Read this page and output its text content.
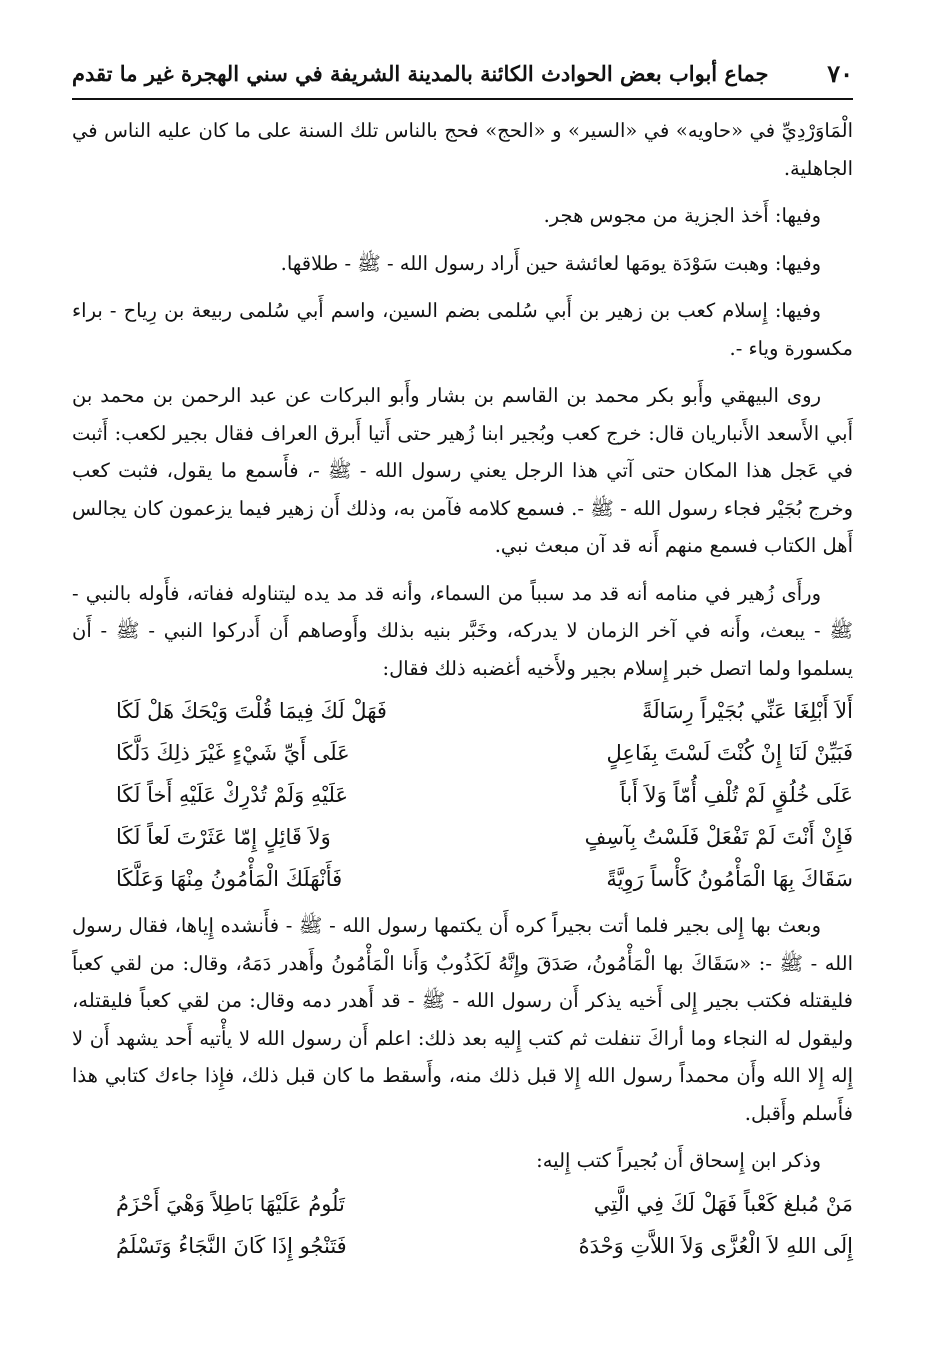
٧٠
جماع أبواب بعض الحوادث الكائنة بالمدينة الشريفة في سني الهجرة غير ما تقدم

الْمَاوَرْدِيِّ في «حاويه» في «السير» و «الحج» فحج بالناس تلك السنة على ما كان عليه الناس في الجاهلية.

وفيها: أَخذ الجزية من مجوس هجر.

وفيها: وهبت سَوْدَة يومَها لعائشة حين أَراد رسول الله - ﷺ - طلاقها.

وفيها: إِسلام كعب بن زهير بن أَبي سُلمى بضم السين، واسم أَبي سُلمى ربيعة بن رِياح - براء مكسورة وياء -.

روى البيهقي وأَبو بكر محمد بن القاسم بن بشار وأَبو البركات عن عبد الرحمن بن محمد بن أَبي الأَسعد الأَنباريان قال: خرج كعب وبُجير ابنا زُهير حتى أَتيا أَبرق العراف فقال بجير لكعب: أَثبت في عَجل هذا المكان حتى آتي هذا الرجل يعني رسول الله - ﷺ -، فأَسمع ما يقول، فثبت كعب وخرج بُجَيْر فجاء رسول الله - ﷺ -. فسمع كلامه فآمن به، وذلك أَن زهير فيما يزعمون كان يجالس أَهل الكتاب فسمع منهم أَنه قد آن مبعث نبي.

ورأَى زُهير في منامه أنه قد مد سبباً من السماء، وأنه قد مد يده ليتناوله ففاته، فأَوله بالنبي - ﷺ - يبعث، وأَنه في آخر الزمان لا يدركه، وخَبَّر بنيه بذلك وأَوصاهم أَن أَدركوا النبي - ﷺ - أَن يسلموا ولما اتصل خبر إِسلام بجير ولأَخيه أغضبه ذلك فقال:

أَلاَ أَبْلِغَا عَنِّي بُجَيْراً رِسَالَةً
فَهَلْ لَكَ فِيمَا قُلْتَ وَيْحَكَ هَلْ لَكَا
فَبَيِّنْ لَنَا إِنْ كُنْتَ لَسْتَ بِفَاعِلٍ
عَلَى أَيِّ شَيْءٍ غَيْرَ ذلِكَ دَلَّكَا
عَلَى خُلُقٍ لَمْ تُلْفِ أُمّاً وَلاَ أَباً
عَلَيْهِ وَلَمْ تُدْرِكْ عَلَيْهِ أَخاً لَكَا
فَإِنْ أَنْتَ لَمْ تَفْعَلْ فَلَسْتُ بِآسِفٍ
وَلاَ قَائِلٍ إِمّا عَثَرْتَ لَعاً لَكَا
سَقَاكَ بِهَا الْمَأْمُونُ كَأْساً رَوِيَّةً
فَأَنْهَلَكَ الْمَأْمُونُ مِنْهَا وَعَلَّكَا

وبعث بها إِلى بجير فلما أتت بجيراً كره أَن يكتمها رسول الله - ﷺ - فأَنشده إِياها، فقال رسول الله - ﷺ -: «سَقَاكَ بها الْمَأْمُونُ، صَدَقَ وإِنَّهُ لَكَذُوبٌ وَأَنا الْمَأْمُونُ وأَهدر دَمَهُ، وقال: من لقي كعباً فليقتله فكتب بجير إِلى أَخيه يذكر أَن رسول الله - ﷺ - قد أَهدر دمه وقال: من لقي كعباً فليقتله، وليقول له النجاء وما أراكَ تنفلت ثم كتب إِليه بعد ذلك: اعلم أَن رسول الله لا يأْتيه أَحد يشهد أَن لا إِله إِلا الله وأَن محمداً رسول الله إِلا قبل ذلك منه، وأَسقط ما كان قبل ذلك، فإِذا جاءك كتابي هذا فأَسلم وأَقبل.

وذكر ابن إِسحاق أَن بُجيراً كتب إِليه:

مَنْ مُبلغ كَعْباً فَهَلْ لَكَ فِي الَّتِي
تَلُومُ عَلَيْهَا بَاطِلاً وَهْيَ أَحْزَمُ
إِلَى اللهِ لاَ الْعُزَّى وَلاَ اللاَّتِ وَحْدَهُ
فَتَنْجُو إِذَا كَانَ النَّجَاءُ وَتَسْلَمُ
